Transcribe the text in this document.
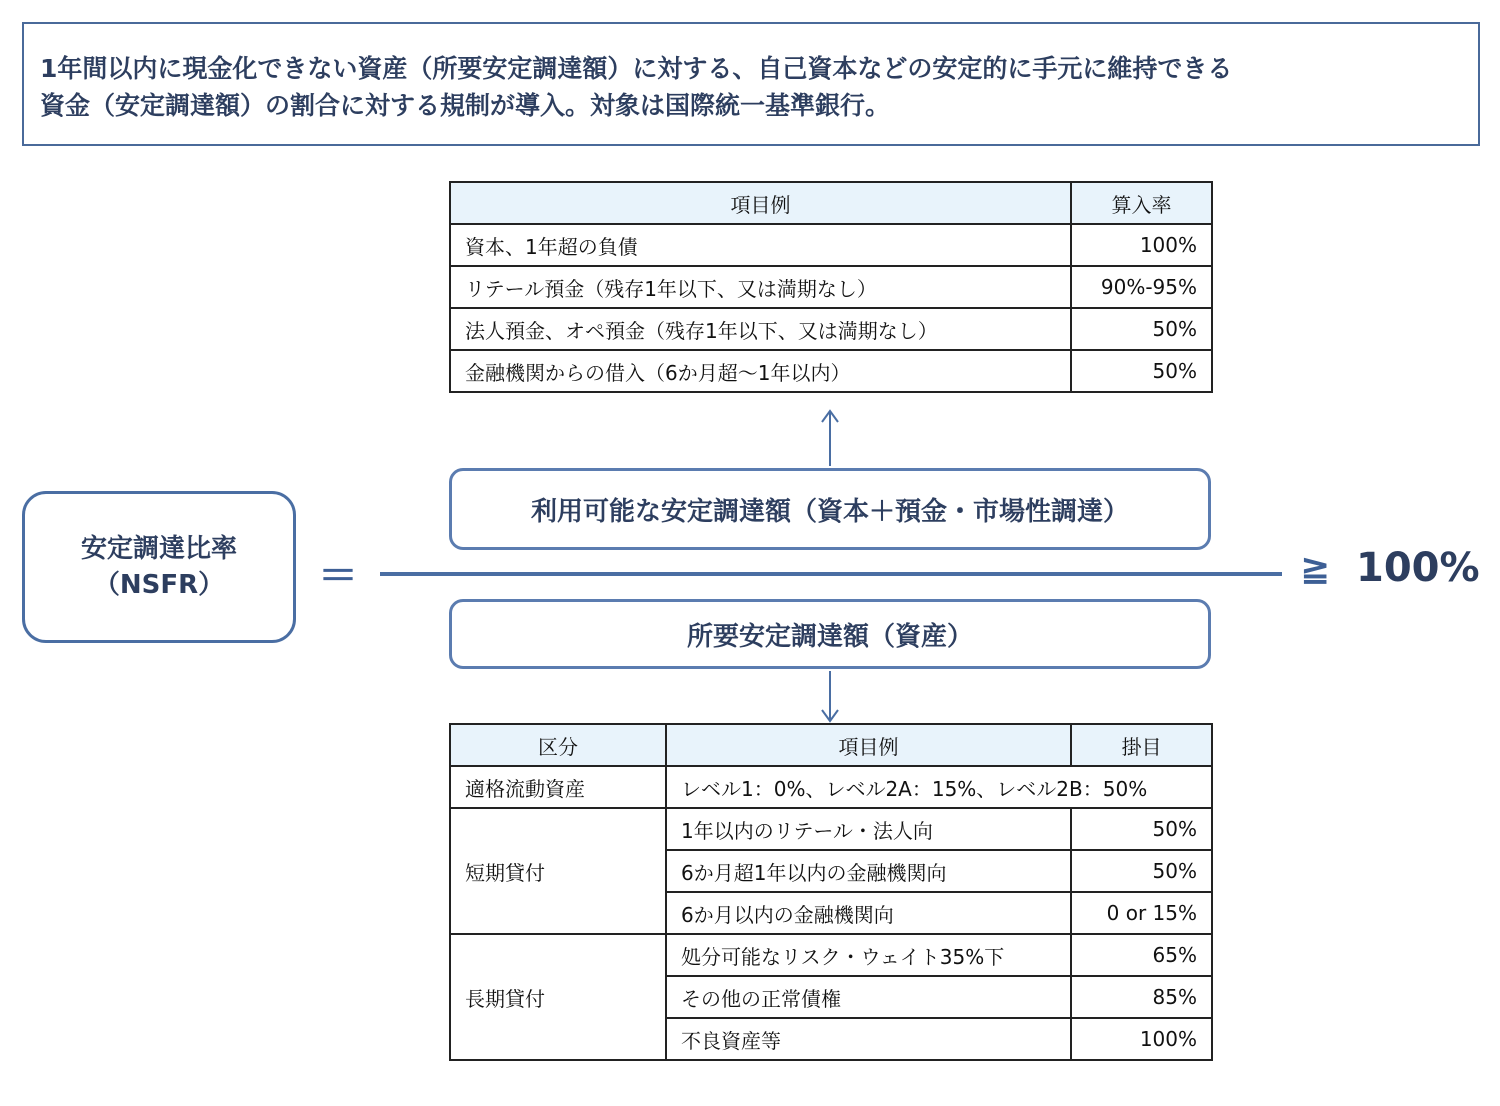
1年間以内に現金化できない資産（所要安定調達額）に対する、自己資本などの安定的に手元に維持できる
資金（安定調達額）の割合に対する規制が導入。対象は国際統一基準銀行。
項目例	算入率
資本、1年超の負債	100%
リテール預金（残存1年以下、又は満期なし）	90%-95%
法人預金、オペ預金（残存1年以下、又は満期なし）	50%
金融機関からの借入（6か月超～1年以内）	50%
安定調達比率
（NSFR） ＝
利用可能な安定調達額（資本＋預金・市場性調達）
所要安定調達額（資産）
≧ 100%
区分	項目例	掛目
適格流動資産	レベル1：0%、レベル2A：15%、レベル2B：50%	
短期貸付	1年以内のリテール・法人向	50%
	6か月超1年以内の金融機関向	50%
	6か月以内の金融機関向	0 or 15%
長期貸付	処分可能なリスク・ウェイト35%下	65%
	その他の正常債権	85%
	不良資産等	100%
